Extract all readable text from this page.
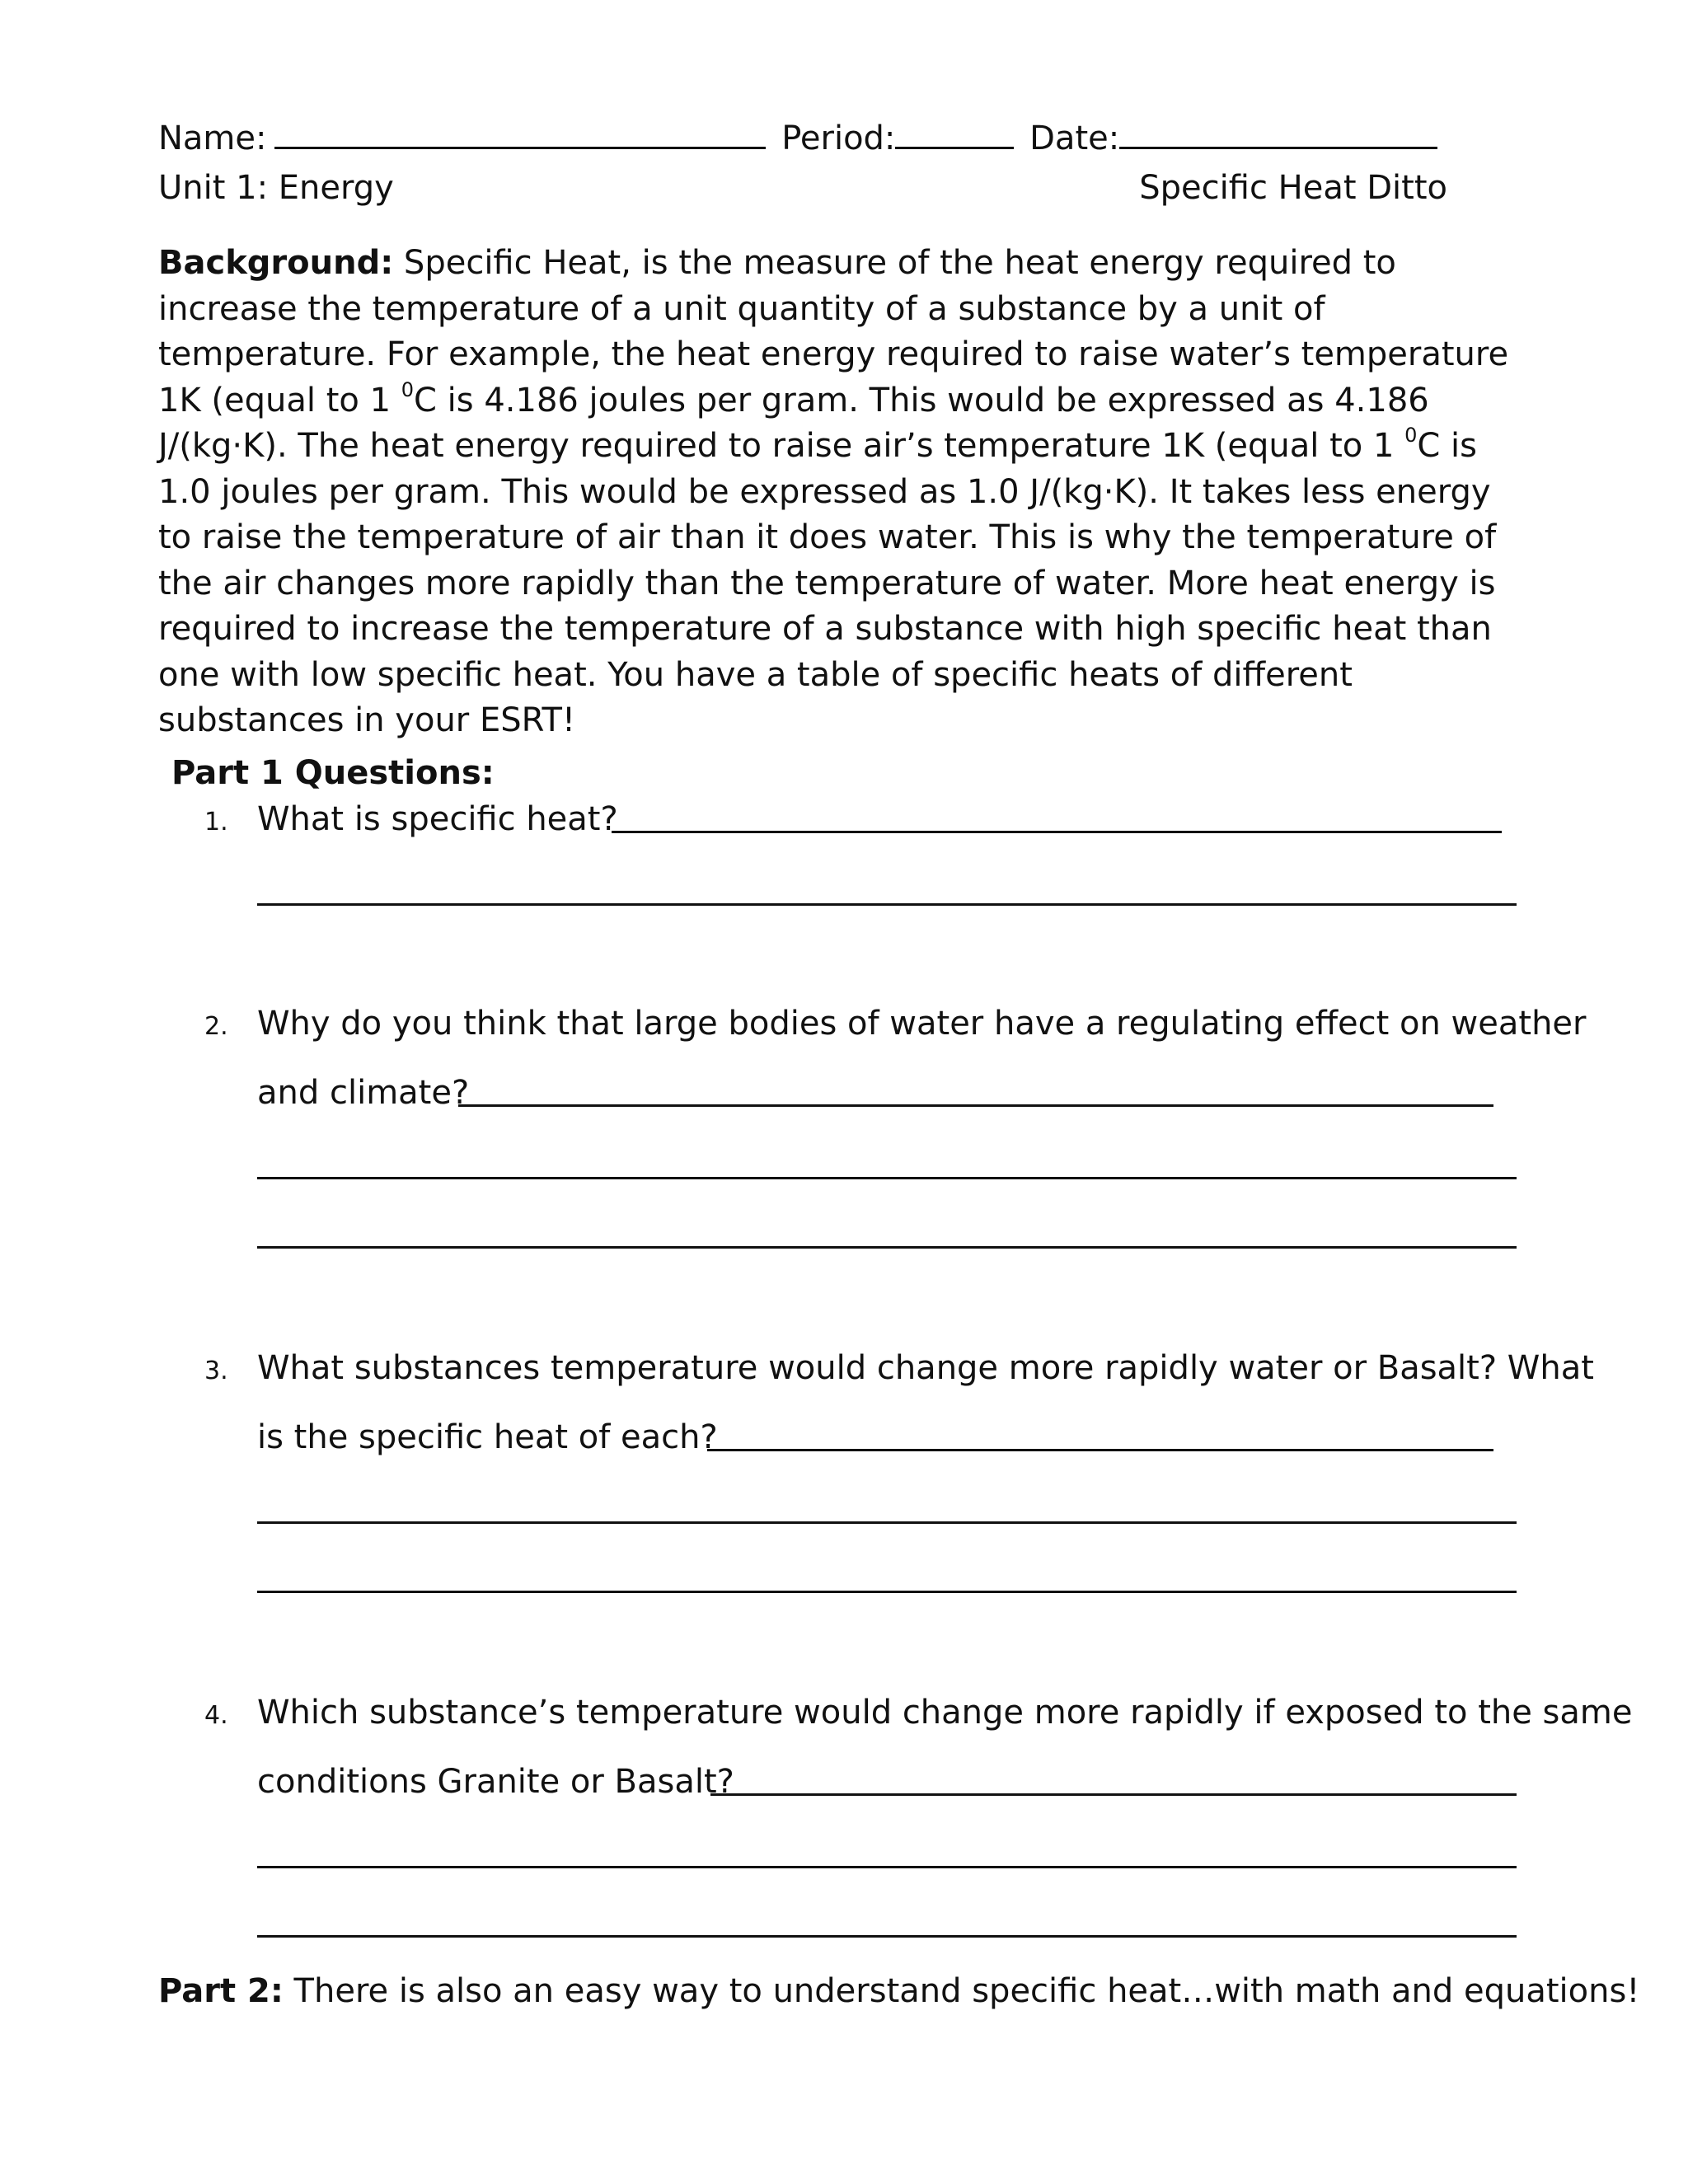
Name:	Period:	Date:
Unit 1: Energy	Specific Heat Ditto
Background: Specific Heat, is the measure of the heat energy required to increase the temperature of a unit quantity of a substance by a unit of temperature. For example, the heat energy required to raise water’s temperature 1K (equal to 1 $^0$C is 4.186 joules per gram. This would be expressed as 4.186 J/(kg·K). The heat energy required to raise air’s temperature 1K (equal to 1 $^0$C is 1.0 joules per gram. This would be expressed as 1.0 J/(kg·K). It takes less energy to raise the temperature of air than it does water. This is why the temperature of the air changes more rapidly than the temperature of water. More heat energy is required to increase the temperature of a substance with high specific heat than one with low specific heat. You have a table of specific heats of different substances in your ESRT!
Part 1 Questions:
1. What is specific heat?
2. Why do you think that large bodies of water have a regulating effect on weather
and climate?
3. What substances temperature would change more rapidly water or Basalt? What
is the specific heat of each?
4. Which substance’s temperature would change more rapidly if exposed to the same
conditions Granite or Basalt?
Part 2: There is also an easy way to understand specific heat…with math and equations!
